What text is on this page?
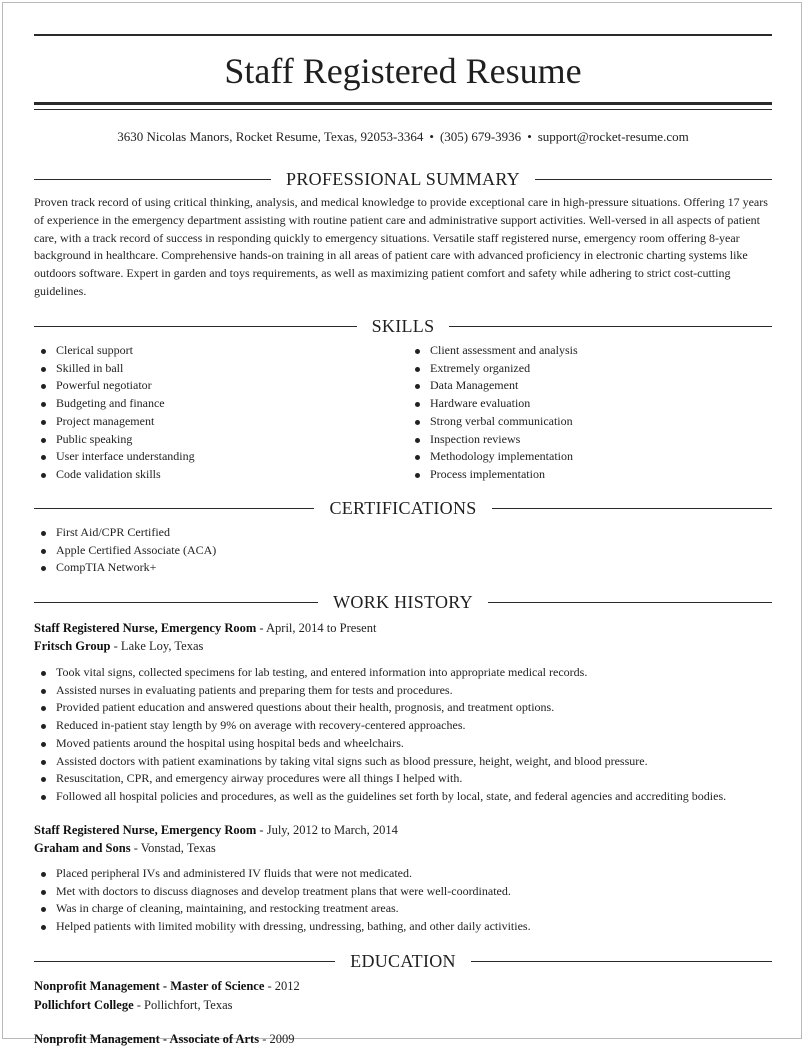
Staff Registered Resume
3630 Nicolas Manors, Rocket Resume, Texas, 92053-3364 • (305) 679-3936 • support@rocket-resume.com
PROFESSIONAL SUMMARY

Proven track record of using critical thinking, analysis, and medical knowledge to provide exceptional care in high-pressure situations. Offering 17 years of experience in the emergency department assisting with routine patient care and administrative support activities. Well-versed in all aspects of patient care, with a track record of success in responding quickly to emergency situations. Versatile staff registered nurse, emergency room offering 8-year background in healthcare. Comprehensive hands-on training in all areas of patient care with advanced proficiency in electronic charting systems like outdoors software. Expert in garden and toys requirements, as well as maximizing patient comfort and safety while adhering to strict cost-cutting guidelines.

SKILLS
Clerical support
Skilled in ball
Powerful negotiator
Budgeting and finance
Project management
Public speaking
User interface understanding
Code validation skills
Client assessment and analysis
Extremely organized
Data Management
Hardware evaluation
Strong verbal communication
Inspection reviews
Methodology implementation
Process implementation
CERTIFICATIONS
First Aid/CPR Certified
Apple Certified Associate (ACA)
CompTIA Network+
WORK HISTORY
Staff Registered Nurse, Emergency Room - April, 2014 to Present
Fritsch Group - Lake Loy, Texas
Took vital signs, collected specimens for lab testing, and entered information into appropriate medical records.
Assisted nurses in evaluating patients and preparing them for tests and procedures.
Provided patient education and answered questions about their health, prognosis, and treatment options.
Reduced in-patient stay length by 9% on average with recovery-centered approaches.
Moved patients around the hospital using hospital beds and wheelchairs.
Assisted doctors with patient examinations by taking vital signs such as blood pressure, height, weight, and blood pressure.
Resuscitation, CPR, and emergency airway procedures were all things I helped with.
Followed all hospital policies and procedures, as well as the guidelines set forth by local, state, and federal agencies and accrediting bodies.
Staff Registered Nurse, Emergency Room - July, 2012 to March, 2014
Graham and Sons - Vonstad, Texas
Placed peripheral IVs and administered IV fluids that were not medicated.
Met with doctors to discuss diagnoses and develop treatment plans that were well-coordinated.
Was in charge of cleaning, maintaining, and restocking treatment areas.
Helped patients with limited mobility with dressing, undressing, bathing, and other daily activities.
EDUCATION
Nonprofit Management - Master of Science - 2012
Pollichfort College - Pollichfort, Texas
Nonprofit Management - Associate of Arts - 2009
